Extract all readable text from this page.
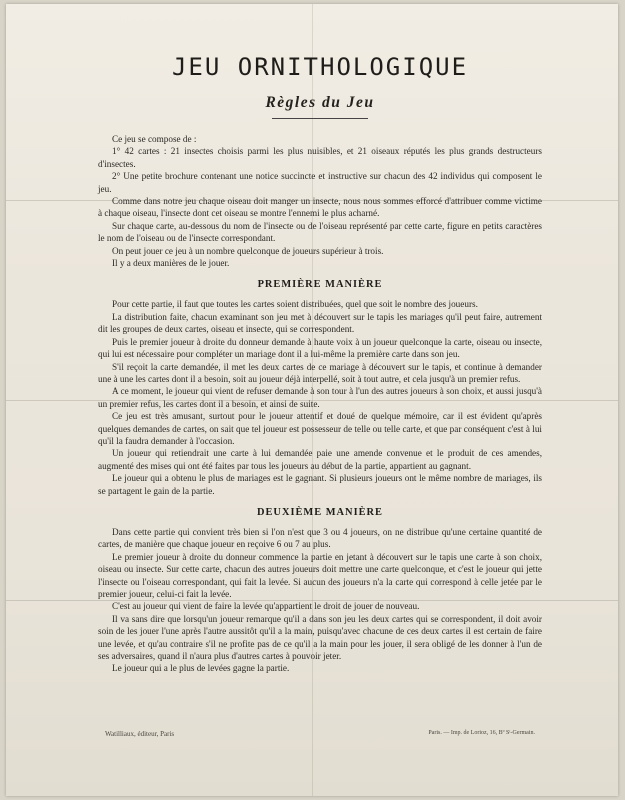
JEU ORNITHOLOGIQUE
Règles du Jeu

Ce jeu se compose de :

1° 42 cartes : 21 insectes choisis parmi les plus nuisibles, et 21 oiseaux réputés les plus grands destructeurs d'insectes.

2° Une petite brochure contenant une notice succincte et instructive sur chacun des 42 individus qui composent le jeu.

Comme dans notre jeu chaque oiseau doit manger un insecte, nous nous sommes efforcé d'attribuer comme victime à chaque oiseau, l'insecte dont cet oiseau se montre l'ennemi le plus acharné.

Sur chaque carte, au-dessous du nom de l'insecte ou de l'oiseau représenté par cette carte, figure en petits caractères le nom de l'oiseau ou de l'insecte correspondant.

On peut jouer ce jeu à un nombre quelconque de joueurs supérieur à trois.

Il y a deux manières de le jouer.

PREMIÈRE MANIÈRE

Pour cette partie, il faut que toutes les cartes soient distribuées, quel que soit le nombre des joueurs.

La distribution faite, chacun examinant son jeu met à découvert sur le tapis les mariages qu'il peut faire, autrement dit les groupes de deux cartes, oiseau et insecte, qui se correspondent.

Puis le premier joueur à droite du donneur demande à haute voix à un joueur quelconque la carte, oiseau ou insecte, qui lui est nécessaire pour compléter un mariage dont il a lui-même la première carte dans son jeu.

S'il reçoit la carte demandée, il met les deux cartes de ce mariage à découvert sur le tapis, et continue à demander une à une les cartes dont il a besoin, soit au joueur déjà interpellé, soit à tout autre, et cela jusqu'à un premier refus.

A ce moment, le joueur qui vient de refuser demande à son tour à l'un des autres joueurs à son choix, et aussi jusqu'à un premier refus, les cartes dont il a besoin, et ainsi de suite.

Ce jeu est très amusant, surtout pour le joueur attentif et doué de quelque mémoire, car il est évident qu'après quelques demandes de cartes, on sait que tel joueur est possesseur de telle ou telle carte, et que par conséquent c'est à lui qu'il la faudra demander à l'occasion.

Un joueur qui retiendrait une carte à lui demandée paie une amende convenue et le produit de ces amendes, augmenté des mises qui ont été faites par tous les joueurs au début de la partie, appartient au gagnant.

Le joueur qui a obtenu le plus de mariages est le gagnant. Si plusieurs joueurs ont le même nombre de mariages, ils se partagent le gain de la partie.

DEUXIÈME MANIÈRE

Dans cette partie qui convient très bien si l'on n'est que 3 ou 4 joueurs, on ne distribue qu'une certaine quantité de cartes, de manière que chaque joueur en reçoive 6 ou 7 au plus.

Le premier joueur à droite du donneur commence la partie en jetant à découvert sur le tapis une carte à son choix, oiseau ou insecte. Sur cette carte, chacun des autres joueurs doit mettre une carte quelconque, et c'est le joueur qui jette l'insecte ou l'oiseau correspondant, qui fait la levée. Si aucun des joueurs n'a la carte qui correspond à celle jetée par le premier joueur, celui-ci fait la levée.

C'est au joueur qui vient de faire la levée qu'appartient le droit de jouer de nouveau.

Il va sans dire que lorsqu'un joueur remarque qu'il a dans son jeu les deux cartes qui se correspondent, il doit avoir soin de les jouer l'une après l'autre aussitôt qu'il a la main, puisqu'avec chacune de ces deux cartes il est certain de faire une levée, et qu'au contraire s'il ne profite pas de ce qu'il a la main pour les jouer, il sera obligé de les donner à l'un de ses adversaires, quand il n'aura plus d'autres cartes à pouvoir jeter.

Le joueur qui a le plus de levées gagne la partie.

Watilliaux, éditeur, Paris	Paris. — Imp. de Lorioz, 16, Bº Sᵗ-Germain.
